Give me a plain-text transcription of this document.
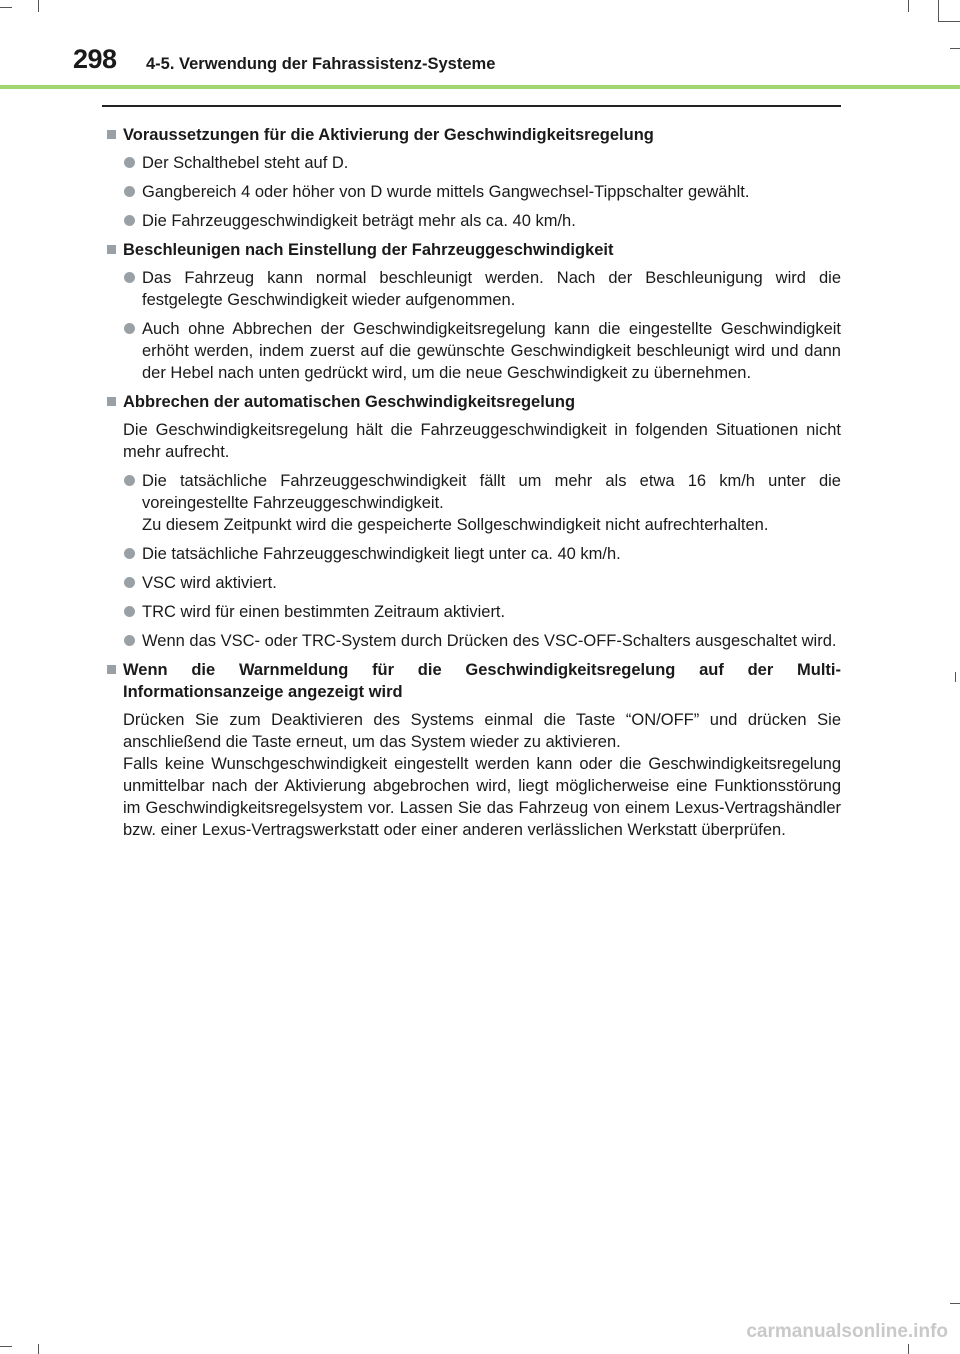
298 4-5. Verwendung der Fahrassistenz-Systeme
Voraussetzungen für die Aktivierung der Geschwindigkeitsregelung
Der Schalthebel steht auf D.
Gangbereich 4 oder höher von D wurde mittels Gangwechsel-Tippschalter gewählt.
Die Fahrzeuggeschwindigkeit beträgt mehr als ca. 40 km/h.
Beschleunigen nach Einstellung der Fahrzeuggeschwindigkeit
Das Fahrzeug kann normal beschleunigt werden. Nach der Beschleunigung wird die festgelegte Geschwindigkeit wieder aufgenommen.
Auch ohne Abbrechen der Geschwindigkeitsregelung kann die eingestellte Geschwindigkeit erhöht werden, indem zuerst auf die gewünschte Geschwindigkeit beschleunigt wird und dann der Hebel nach unten gedrückt wird, um die neue Geschwindigkeit zu übernehmen.
Abbrechen der automatischen Geschwindigkeitsregelung
Die Geschwindigkeitsregelung hält die Fahrzeuggeschwindigkeit in folgenden Situationen nicht mehr aufrecht.
Die tatsächliche Fahrzeuggeschwindigkeit fällt um mehr als etwa 16 km/h unter die voreingestellte Fahrzeuggeschwindigkeit.
Zu diesem Zeitpunkt wird die gespeicherte Sollgeschwindigkeit nicht aufrechterhalten.
Die tatsächliche Fahrzeuggeschwindigkeit liegt unter ca. 40 km/h.
VSC wird aktiviert.
TRC wird für einen bestimmten Zeitraum aktiviert.
Wenn das VSC- oder TRC-System durch Drücken des VSC-OFF-Schalters ausgeschaltet wird.
Wenn die Warnmeldung für die Geschwindigkeitsregelung auf der Multi-Informationsanzeige angezeigt wird
Drücken Sie zum Deaktivieren des Systems einmal die Taste “ON/OFF” und drücken Sie anschließend die Taste erneut, um das System wieder zu aktivieren.
Falls keine Wunschgeschwindigkeit eingestellt werden kann oder die Geschwindigkeitsregelung unmittelbar nach der Aktivierung abgebrochen wird, liegt möglicherweise eine Funktionsstörung im Geschwindigkeitsregelsystem vor. Lassen Sie das Fahrzeug von einem Lexus-Vertragshändler bzw. einer Lexus-Vertragswerkstatt oder einer anderen verlässlichen Werkstatt überprüfen.
carmanualsonline.info
